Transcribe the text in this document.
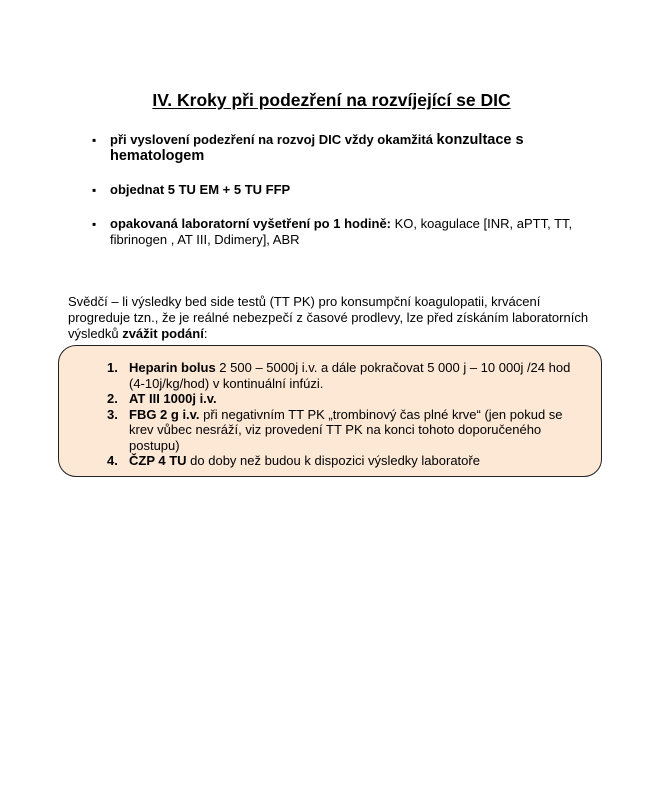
IV. Kroky při podezření na rozvíjející se DIC
▪ při vyslovení podezření na rozvoj DIC vždy okamžitá konzultace s hematologem
▪ objednat 5 TU EM + 5 TU FFP
▪ opakovaná laboratorní vyšetření po 1 hodině: KO, koagulace [INR, aPTT, TT, fibrinogen , AT III, Ddimery], ABR

Svědčí – li výsledky bed side testů (TT PK) pro konsumpční koagulopatii, krvácení progreduje tzn., že je reálné nebezpečí z časové prodlevy, lze před získáním laboratorních výsledků zvážit podání:

1. Heparin bolus 2 500 – 5000j i.v. a dále pokračovat 5 000 j – 10 000j /24 hod (4-10j/kg/hod) v kontinuální infúzi.
2. AT III 1000j i.v.
3. FBG 2 g i.v. při negativním TT PK „trombinový čas plné krve“ (jen pokud se krev vůbec nesráží, viz provedení TT PK na konci tohoto doporučeného postupu)
4. ČZP 4 TU do doby než budou k dispozici výsledky laboratoře
